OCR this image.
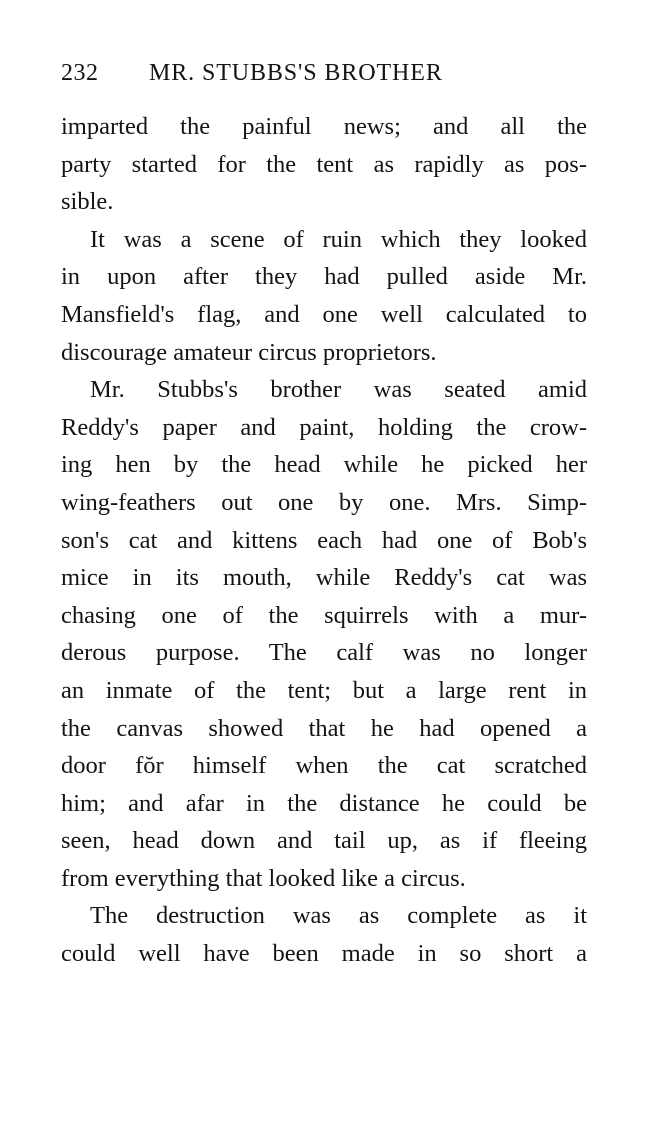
232 MR. STUBBS'S BROTHER
imparted the painful news; and all the
party started for the tent as rapidly as pos-
sible.
It was a scene of ruin which they looked
in upon after they had pulled aside Mr.
Mansfield's flag, and one well calculated to
discourage amateur circus proprietors.
Mr. Stubbs's brother was seated amid
Reddy's paper and paint, holding the crow-
ing hen by the head while he picked her
wing-feathers out one by one. Mrs. Simp-
son's cat and kittens each had one of Bob's
mice in its mouth, while Reddy's cat was
chasing one of the squirrels with a mur-
derous purpose. The calf was no longer
an inmate of the tent; but a large rent in
the canvas showed that he had opened a
door fŏr himself when the cat scratched
him; and afar in the distance he could be
seen, head down and tail up, as if fleeing
from everything that looked like a circus.
The destruction was as complete as it
could well have been made in so short a
